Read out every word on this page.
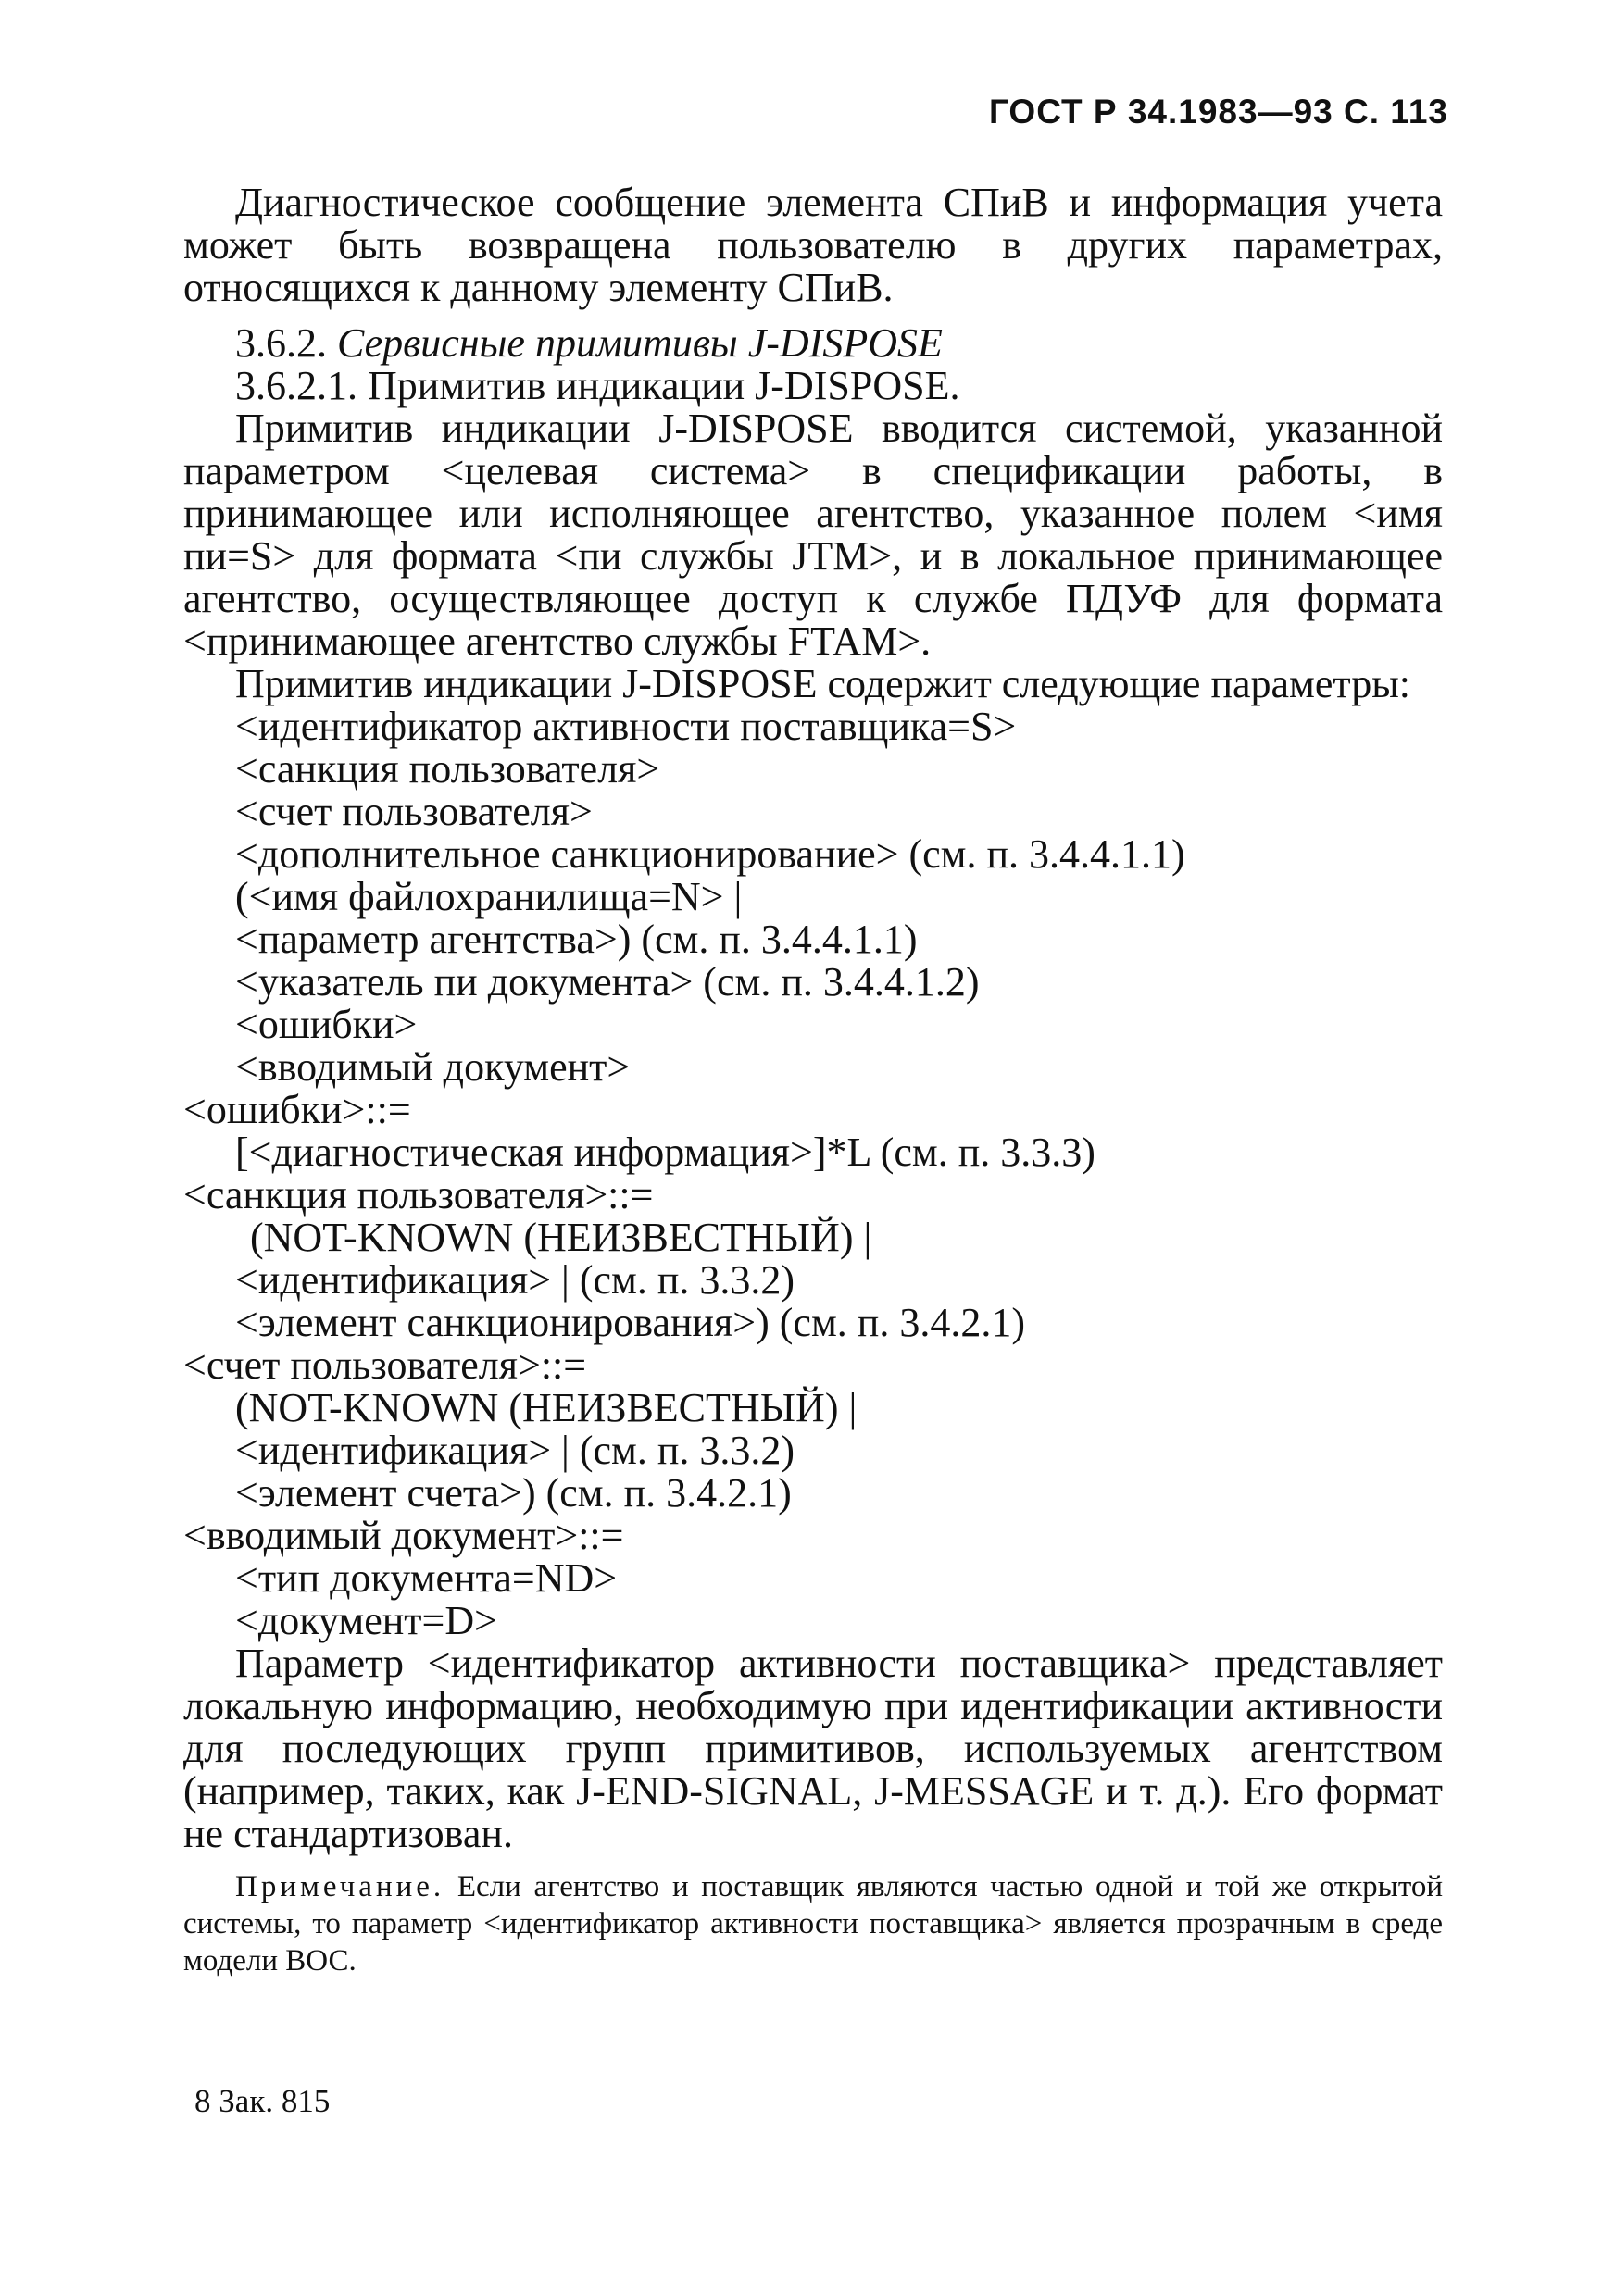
ГОСТ Р 34.1983—93 С. 113

Диагностическое сообщение элемента СПиВ и информация учета может быть возвращена пользователю в других параметрах, относящихся к данному элементу СПиВ.

3.6.2. Сервисные примитивы J-DISPOSE

3.6.2.1. Примитив индикации J-DISPOSE.

Примитив индикации J-DISPOSE вводится системой, указанной параметром <целевая система> в спецификации работы, в принимающее или исполняющее агентство, указанное полем <имя пи=S> для формата <пи службы JTM>, и в локальное принимающее агентство, осуществляющее доступ к службе ПДУФ для формата <принимающее агентство службы FTAM>.

Примитив индикации J-DISPOSE содержит следующие параметры:

<идентификатор активности поставщика=S>

<санкция пользователя>

<счет пользователя>

<дополнительное санкционирование> (см. п. 3.4.4.1.1)

(<имя файлохранилища=N> |

<параметр агентства>) (см. п. 3.4.4.1.1)

<указатель пи документа> (см. п. 3.4.4.1.2)

<ошибки>

<вводимый документ>

<ошибки>::=

[<диагностическая информация>]*L (см. п. 3.3.3)

<санкция пользователя>::=

(NOT-KNOWN (НЕИЗВЕСТНЫЙ) |

<идентификация> | (см. п. 3.3.2)

<элемент санкционирования>) (см. п. 3.4.2.1)

<счет пользователя>::=

(NOT-KNOWN (НЕИЗВЕСТНЫЙ) |

<идентификация> | (см. п. 3.3.2)

<элемент счета>) (см. п. 3.4.2.1)

<вводимый документ>::=

<тип документа=ND>

<документ=D>

Параметр <идентификатор активности поставщика> представляет локальную информацию, необходимую при идентификации активности для последующих групп примитивов, используемых агентством (например, таких, как J-END-SIGNAL, J-MESSAGE и т. д.). Его формат не стандартизован.

Примечание. Если агентство и поставщик являются частью одной и той же открытой системы, то параметр <идентификатор активности поставщика> является прозрачным в среде модели ВОС.

8 Зак. 815
